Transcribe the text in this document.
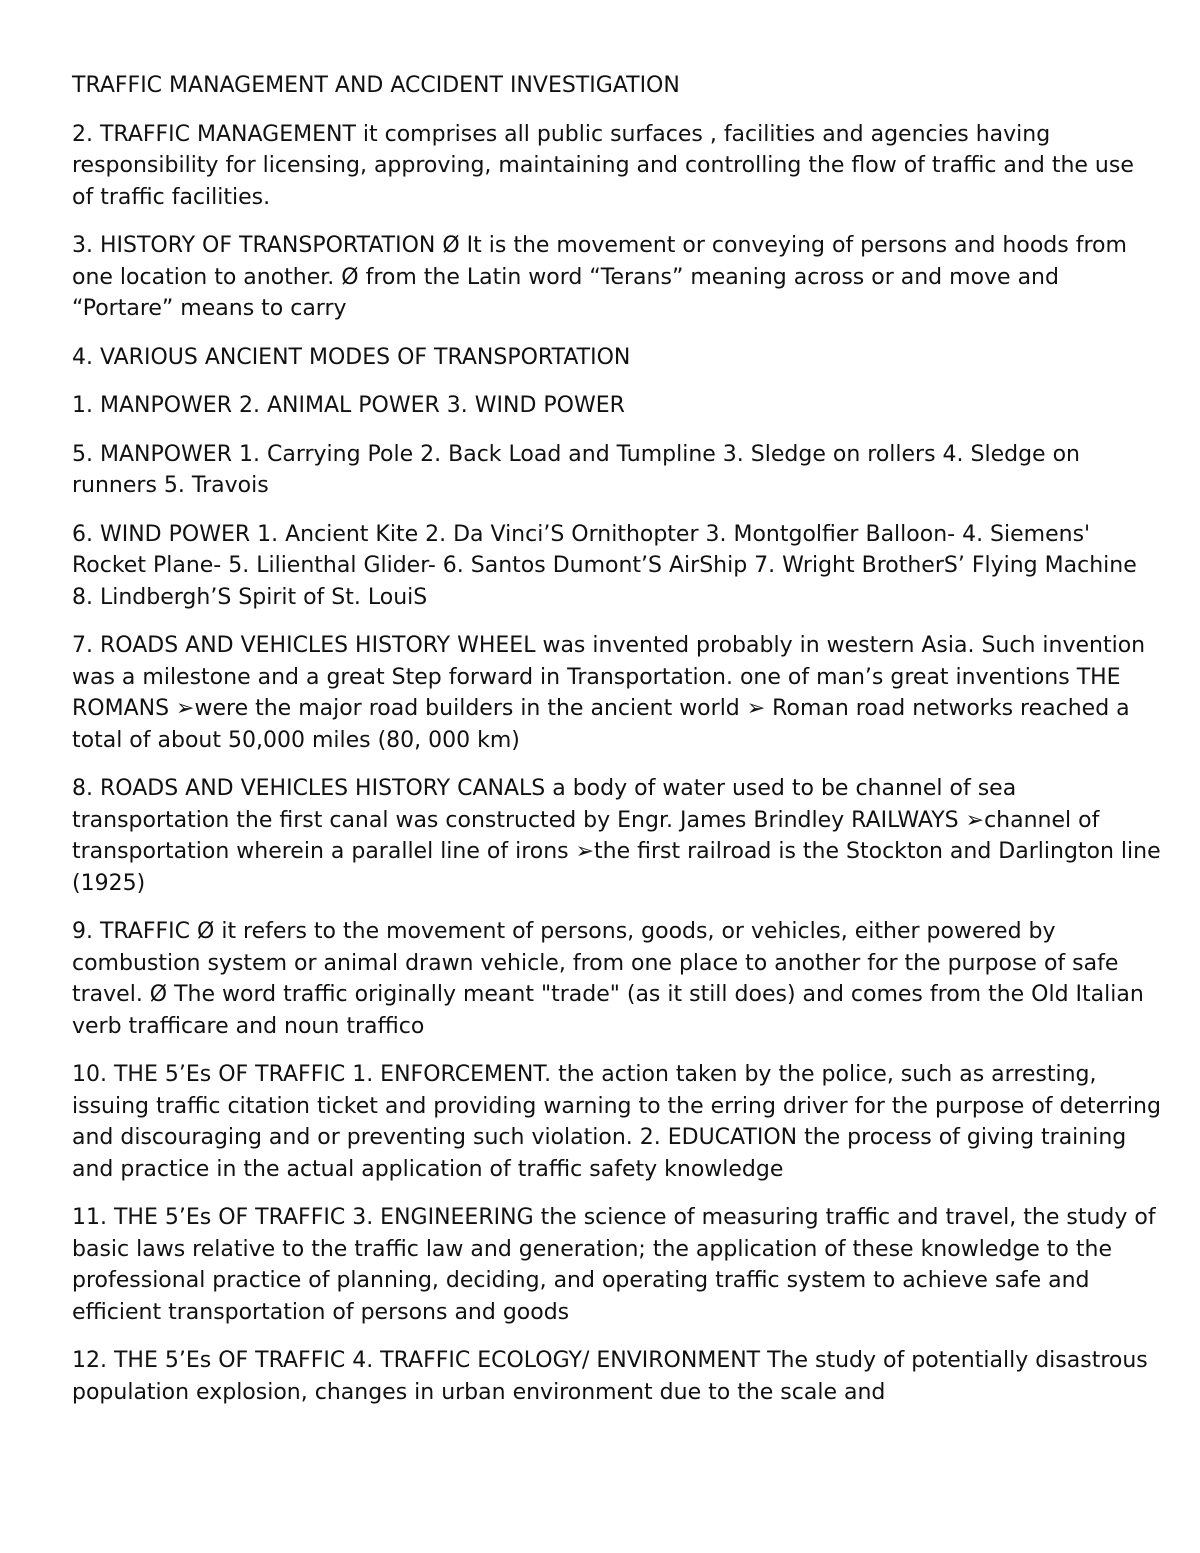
TRAFFIC MANAGEMENT AND ACCIDENT INVESTIGATION

2. TRAFFIC MANAGEMENT it comprises all public surfaces , facilities and agencies having responsibility for licensing, approving, maintaining and controlling the flow of traffic and the use of traffic facilities.

3. HISTORY OF TRANSPORTATION Ø It is the movement or conveying of persons and hoods from one location to another. Ø from the Latin word “Terans” meaning across or and move and “Portare” means to carry

4. VARIOUS ANCIENT MODES OF TRANSPORTATION

1. MANPOWER 2. ANIMAL POWER 3. WIND POWER

5. MANPOWER 1. Carrying Pole 2. Back Load and Tumpline 3. Sledge on rollers 4. Sledge on runners 5. Travois

6. WIND POWER 1. Ancient Kite 2. Da Vinci’S Ornithopter 3. Montgolfier Balloon- 4. Siemens' Rocket Plane- 5. Lilienthal Glider- 6. Santos Dumont’S AirShip 7. Wright BrotherS’ Flying Machine 8. Lindbergh’S Spirit of St. LouiS

7. ROADS AND VEHICLES HISTORY WHEEL was invented probably in western Asia. Such invention was a milestone and a great Step forward in Transportation. one of man’s great inventions THE ROMANS ➢were the major road builders in the ancient world ➢ Roman road networks reached a total of about 50,000 miles (80, 000 km)

8. ROADS AND VEHICLES HISTORY CANALS a body of water used to be channel of sea transportation the first canal was constructed by Engr. James Brindley RAILWAYS ➢channel of transportation wherein a parallel line of irons ➢the first railroad is the Stockton and Darlington line (1925)

9. TRAFFIC Ø it refers to the movement of persons, goods, or vehicles, either powered by combustion system or animal drawn vehicle, from one place to another for the purpose of safe travel. Ø The word traffic originally meant "trade" (as it still does) and comes from the Old Italian verb trafficare and noun traffico

10. THE 5’Es OF TRAFFIC 1. ENFORCEMENT. the action taken by the police, such as arresting, issuing traffic citation ticket and providing warning to the erring driver for the purpose of deterring and discouraging and or preventing such violation. 2. EDUCATION the process of giving training and practice in the actual application of traffic safety knowledge

11. THE 5’Es OF TRAFFIC 3. ENGINEERING the science of measuring traffic and travel, the study of basic laws relative to the traffic law and generation; the application of these knowledge to the professional practice of planning, deciding, and operating traffic system to achieve safe and efficient transportation of persons and goods

12. THE 5’Es OF TRAFFIC 4. TRAFFIC ECOLOGY/ ENVIRONMENT The study of potentially disastrous population explosion, changes in urban environment due to the scale and
